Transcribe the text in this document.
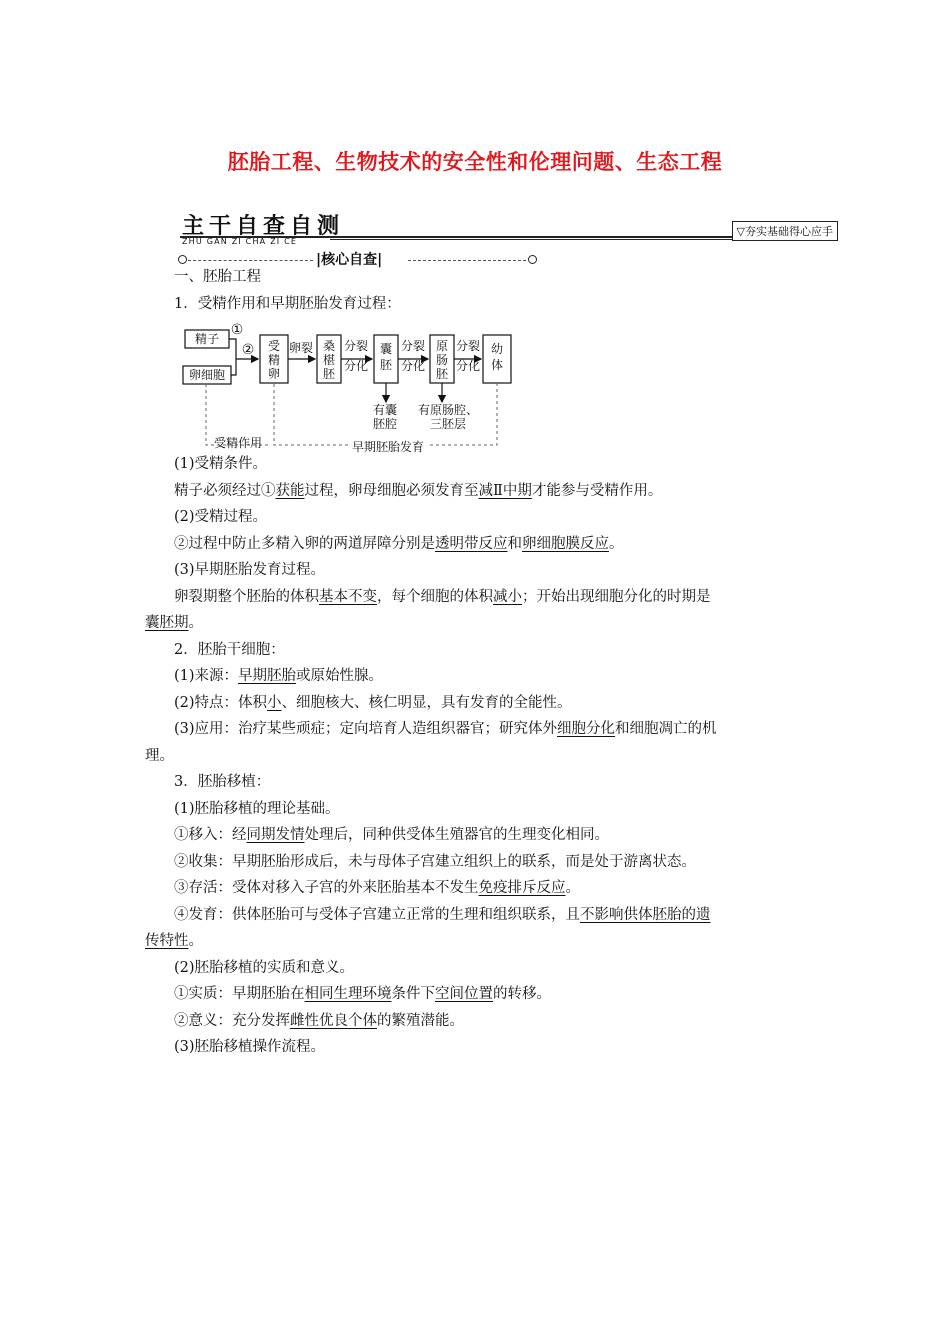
胚胎工程、生物技术的安全性和伦理问题、生态工程
主干自查自测
ZHU GAN ZI CHA ZI CE
▽夯实基础得心应手
|核心自查|
精子
卵细胞
①
② 受
精
卵
卵裂 桑
椹
胚
分裂
分化
囊
胚
分裂
分化
原
肠
胚
分裂
分化
幼
体
有囊
胚腔
有原肠腔、
三胚层
受精作用	早期胚胎发育
一、胚胎工程
1．受精作用和早期胚胎发育过程：
(1)受精条件。
精子必须经过①获能过程，卵母细胞必须发育至减Ⅱ中期才能参与受精作用。
(2)受精过程。
②过程中防止多精入卵的两道屏障分别是透明带反应和卵细胞膜反应。
(3)早期胚胎发育过程。
卵裂期整个胚胎的体积基本不变，每个细胞的体积减小；开始出现细胞分化的时期是
囊胚期。
2．胚胎干细胞：
(1)来源：早期胚胎或原始性腺。
(2)特点：体积小、细胞核大、核仁明显，具有发育的全能性。
(3)应用：治疗某些顽症；定向培育人造组织器官；研究体外细胞分化和细胞凋亡的机
理。
3．胚胎移植：
(1)胚胎移植的理论基础。
①移入：经同期发情处理后，同种供受体生殖器官的生理变化相同。
②收集：早期胚胎形成后，未与母体子宫建立组织上的联系，而是处于游离状态。
③存活：受体对移入子宫的外来胚胎基本不发生免疫排斥反应。
④发育：供体胚胎可与受体子宫建立正常的生理和组织联系，且不影响供体胚胎的遗
传特性。
(2)胚胎移植的实质和意义。
①实质：早期胚胎在相同生理环境条件下空间位置的转移。
②意义：充分发挥雌性优良个体的繁殖潜能。
(3)胚胎移植操作流程。
